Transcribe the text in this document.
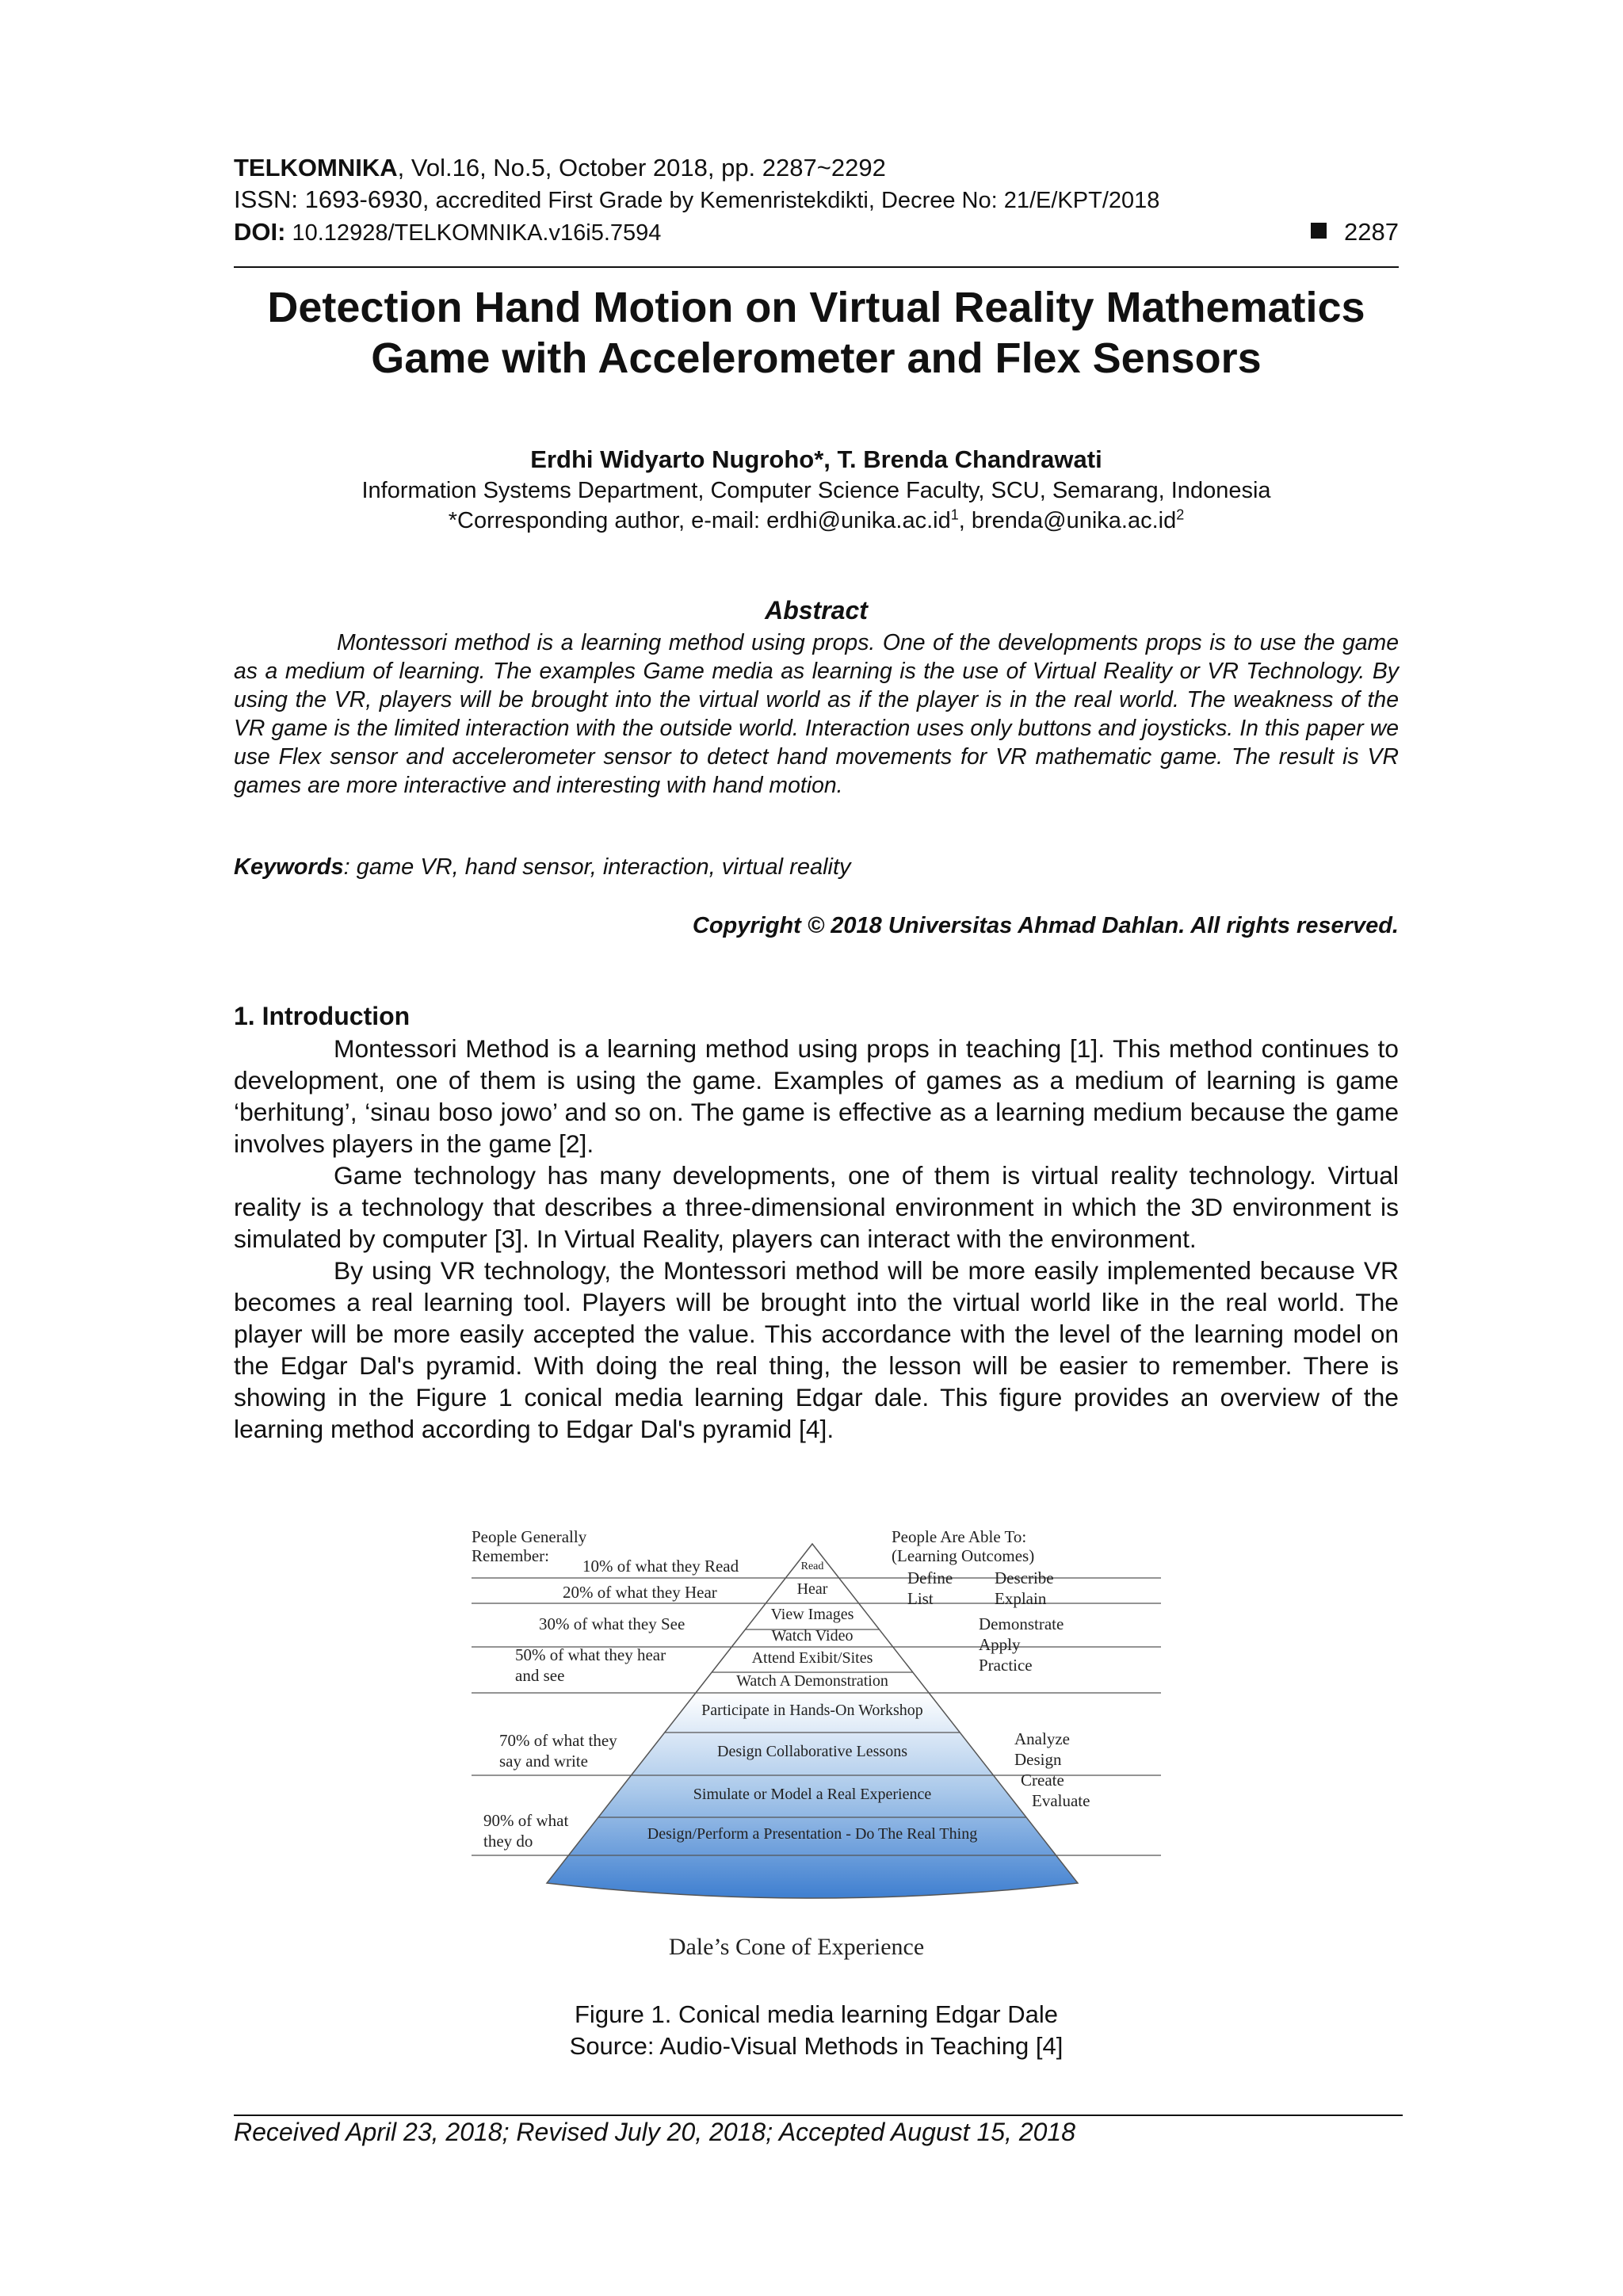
TELKOMNIKA, Vol.16, No.5, October 2018, pp. 2287~2292
ISSN: 1693-6930, accredited First Grade by Kemenristekdikti, Decree No: 21/E/KPT/2018
DOI: 10.12928/TELKOMNIKA.v16i5.7594	2287
Detection Hand Motion on Virtual Reality Mathematics
Game with Accelerometer and Flex Sensors
Erdhi Widyarto Nugroho*, T. Brenda Chandrawati
Information Systems Department, Computer Science Faculty, SCU, Semarang, Indonesia
*Corresponding author, e-mail: $erdhi@unika.ac.id^1$, $brenda@unika.ac.id^2$
Abstract
Montessori method is a learning method using props. One of the developments props is to use the game as a medium of learning. The examples Game media as learning is the use of Virtual Reality or VR Technology. By using the VR, players will be brought into the virtual world as if the player is in the real world. The weakness of the VR game is the limited interaction with the outside world. Interaction uses only buttons and joysticks. In this paper we use Flex sensor and accelerometer sensor to detect hand movements for VR mathematic game. The result is VR games are more interactive and interesting with hand motion.
Keywords: game VR, hand sensor, interaction, virtual reality
Copyright © 2018 Universitas Ahmad Dahlan. All rights reserved.
1. Introduction

Montessori Method is a learning method using props in teaching [1]. This method continues to development, one of them is using the game. Examples of games as a medium of learning is game ‘berhitung’, ‘sinau boso jowo’ and so on. The game is effective as a learning medium because the game involves players in the game [2].

Game technology has many developments, one of them is virtual reality technology. Virtual reality is a technology that describes a three-dimensional environment in which the 3D environment is simulated by computer [3]. In Virtual Reality, players can interact with the environment.

By using VR technology, the Montessori method will be more easily implemented because VR becomes a real learning tool. Players will be brought into the virtual world like in the real world. The player will be more easily accepted the value. This accordance with the level of the learning model on the Edgar Dal's pyramid. With doing the real thing, the lesson will be easier to remember. There is showing in the Figure 1 conical media learning Edgar dale. This figure provides an overview of the learning method according to Edgar Dal's pyramid [4].

Read
Hear
View Images
Watch Video
Attend Exibit/Sites
Watch A Demonstration
Participate in Hands-On Workshop
Design Collaborative Lessons
Simulate or Model a Real Experience
Design/Perform a Presentation - Do The Real Thing
People Generally
Remember:
People Are Able To:
(Learning Outcomes)
10% of what they Read
20% of what they Hear
30% of what they See
50% of what they hear
and see
70% of what they
say and write
90% of what
they do
Define
List
Describe
Explain
Demonstrate
Apply
Practice
Analyze
Design
Create
Evaluate
Dale’s Cone of Experience
Figure 1. Conical media learning Edgar Dale
Source: Audio-Visual Methods in Teaching [4]
Received April 23, 2018; Revised July 20, 2018; Accepted August 15, 2018
